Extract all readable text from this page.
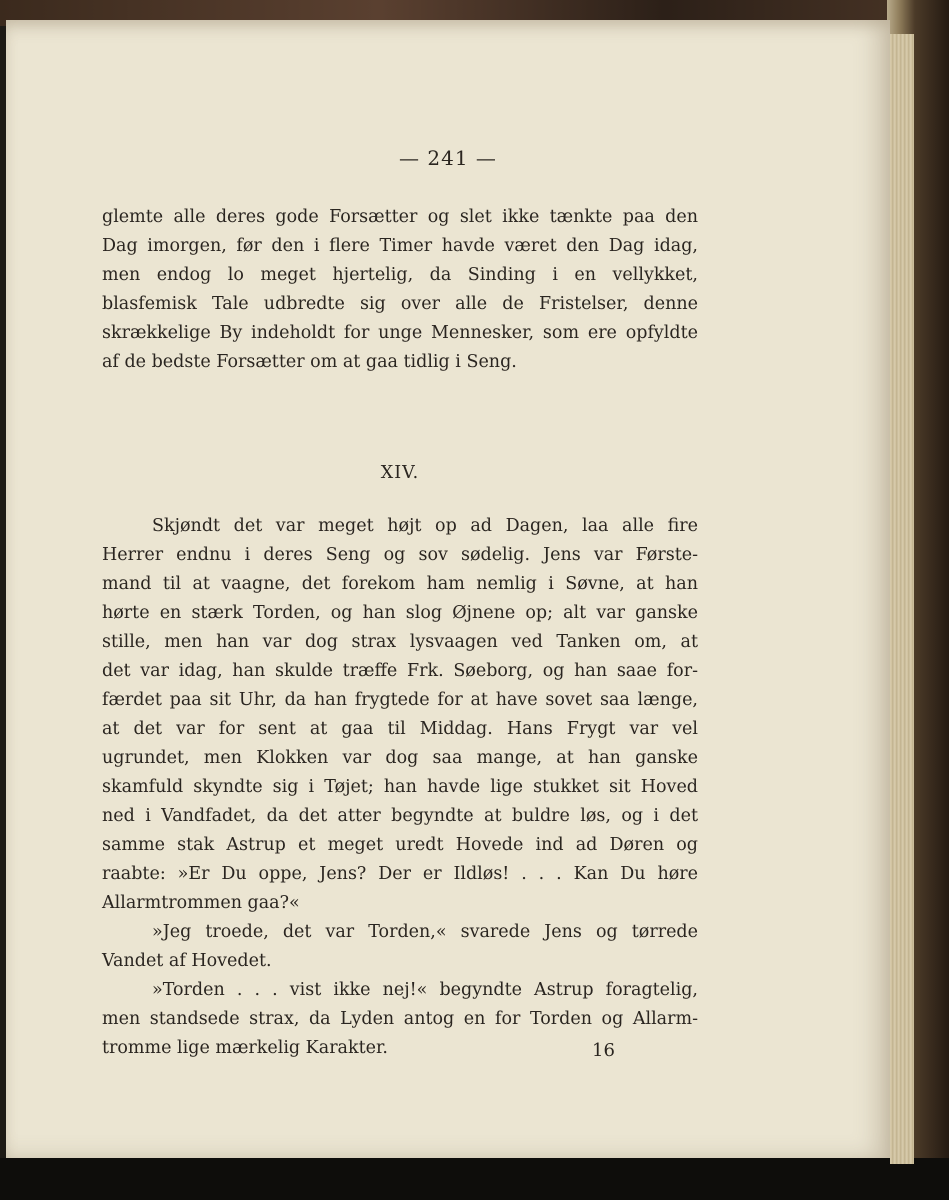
— 241 —
glemte alle deres gode Forsætter og slet ikke tænkte paa den
Dag imorgen, før den i flere Timer havde været den Dag idag,
men endog lo meget hjertelig, da Sinding i en vellykket,
blasfemisk Tale udbredte sig over alle de Fristelser, denne
skrækkelige By indeholdt for unge Mennesker, som ere opfyldte
af de bedste Forsætter om at gaa tidlig i Seng.
XIV.
Skjøndt det var meget højt op ad Dagen, laa alle fire
Herrer endnu i deres Seng og sov sødelig. Jens var Første-
mand til at vaagne, det forekom ham nemlig i Søvne, at han
hørte en stærk Torden, og han slog Øjnene op; alt var ganske
stille, men han var dog strax lysvaagen ved Tanken om, at
det var idag, han skulde træffe Frk. Søeborg, og han saae for-
færdet paa sit Uhr, da han frygtede for at have sovet saa længe,
at det var for sent at gaa til Middag. Hans Frygt var vel
ugrundet, men Klokken var dog saa mange, at han ganske
skamfuld skyndte sig i Tøjet; han havde lige stukket sit Hoved
ned i Vandfadet, da det atter begyndte at buldre løs, og i det
samme stak Astrup et meget uredt Hovede ind ad Døren og
raabte: »Er Du oppe, Jens? Der er Ildløs! . . . Kan Du høre
Allarmtrommen gaa?«
»Jeg troede, det var Torden,« svarede Jens og tørrede
Vandet af Hovedet.
»Torden . . . vist ikke nej!« begyndte Astrup foragtelig,
men standsede strax, da Lyden antog en for Torden og Allarm-
tromme lige mærkelig Karakter.	16
